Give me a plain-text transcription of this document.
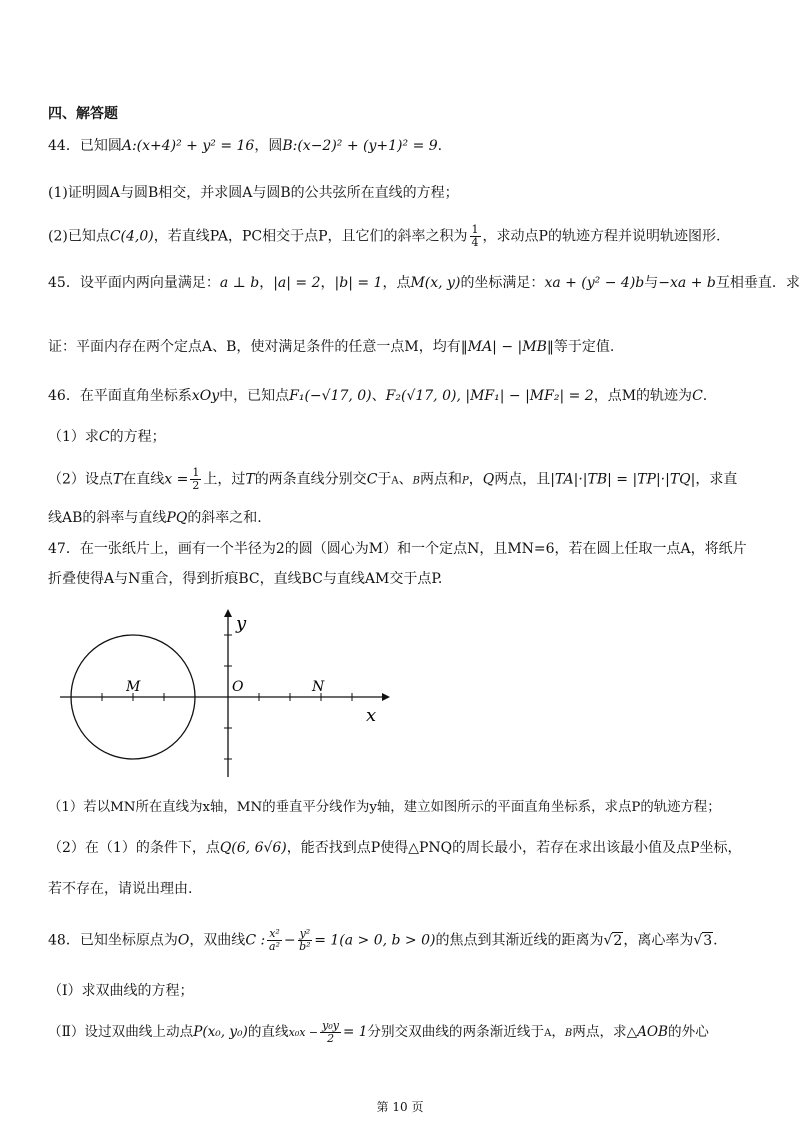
四、解答题
44．已知圆A:(x+4)² + y² = 16，圆B:(x−2)² + (y+1)² = 9.
(1)证明圆A与圆B相交，并求圆A与圆B的公共弦所在直线的方程；
(2)已知点C(4,0)，若直线PA，PC相交于点P，且它们的斜率之积为 $\frac{1}{4}$ ，求动点P的轨迹方程并说明轨迹图形.
45．设平面内两向量满足：a ⊥ b，|a| = 2，|b| = 1，点M(x, y)的坐标满足：xa + (y² − 4)b与−xa + b互相垂直．求
证：平面内存在两个定点A、B，使对满足条件的任意一点M，均有‖MA| − |MB‖等于定值.
46．在平面直角坐标系xOy中，已知点F₁(−√17, 0)、F₂(√17, 0), |MF₁| − |MF₂| = 2，点M的轨迹为C.
（1）求C的方程；
（2）设点T在直线$x = \frac{1}{2}$ 上，过T的两条直线分别交C于A、B两点和P，Q两点，且|TA|·|TB| = |TP|·|TQ|，求直
线AB的斜率与直线PQ的斜率之和.
47．在一张纸片上，画有一个半径为2的圆（圆心为M）和一个定点N，且MN=6，若在圆上任取一点A，将纸片
折叠使得A与N重合，得到折痕BC，直线BC与直线AM交于点P.
y
x
O
M	N
（1）若以MN所在直线为x轴，MN的垂直平分线作为y轴，建立如图所示的平面直角坐标系，求点P的轨迹方程；
（2）在（1）的条件下，点Q(6, 6√6)，能否找到点P使得△PNQ的周长最小，若存在求出该最小值及点P坐标，
若不存在，请说出理由.
48．已知坐标原点为O，双曲线C : $\frac{\text{x²}}{\text{a²}} - \frac{\text{y²}}{\text{b²}} = 1(a > 0$, b > 0)的焦点到其渐近线的距离为√2，离心率为√3.
（Ⅰ）求双曲线的方程；
（Ⅱ）设过双曲线上动点P(x₀, y₀)的直线$x_0x - \frac{\text{y₀y}}{2} = 1$分别交双曲线的两条渐近线于A，B两点，求△AOB的外心
第 10 页
